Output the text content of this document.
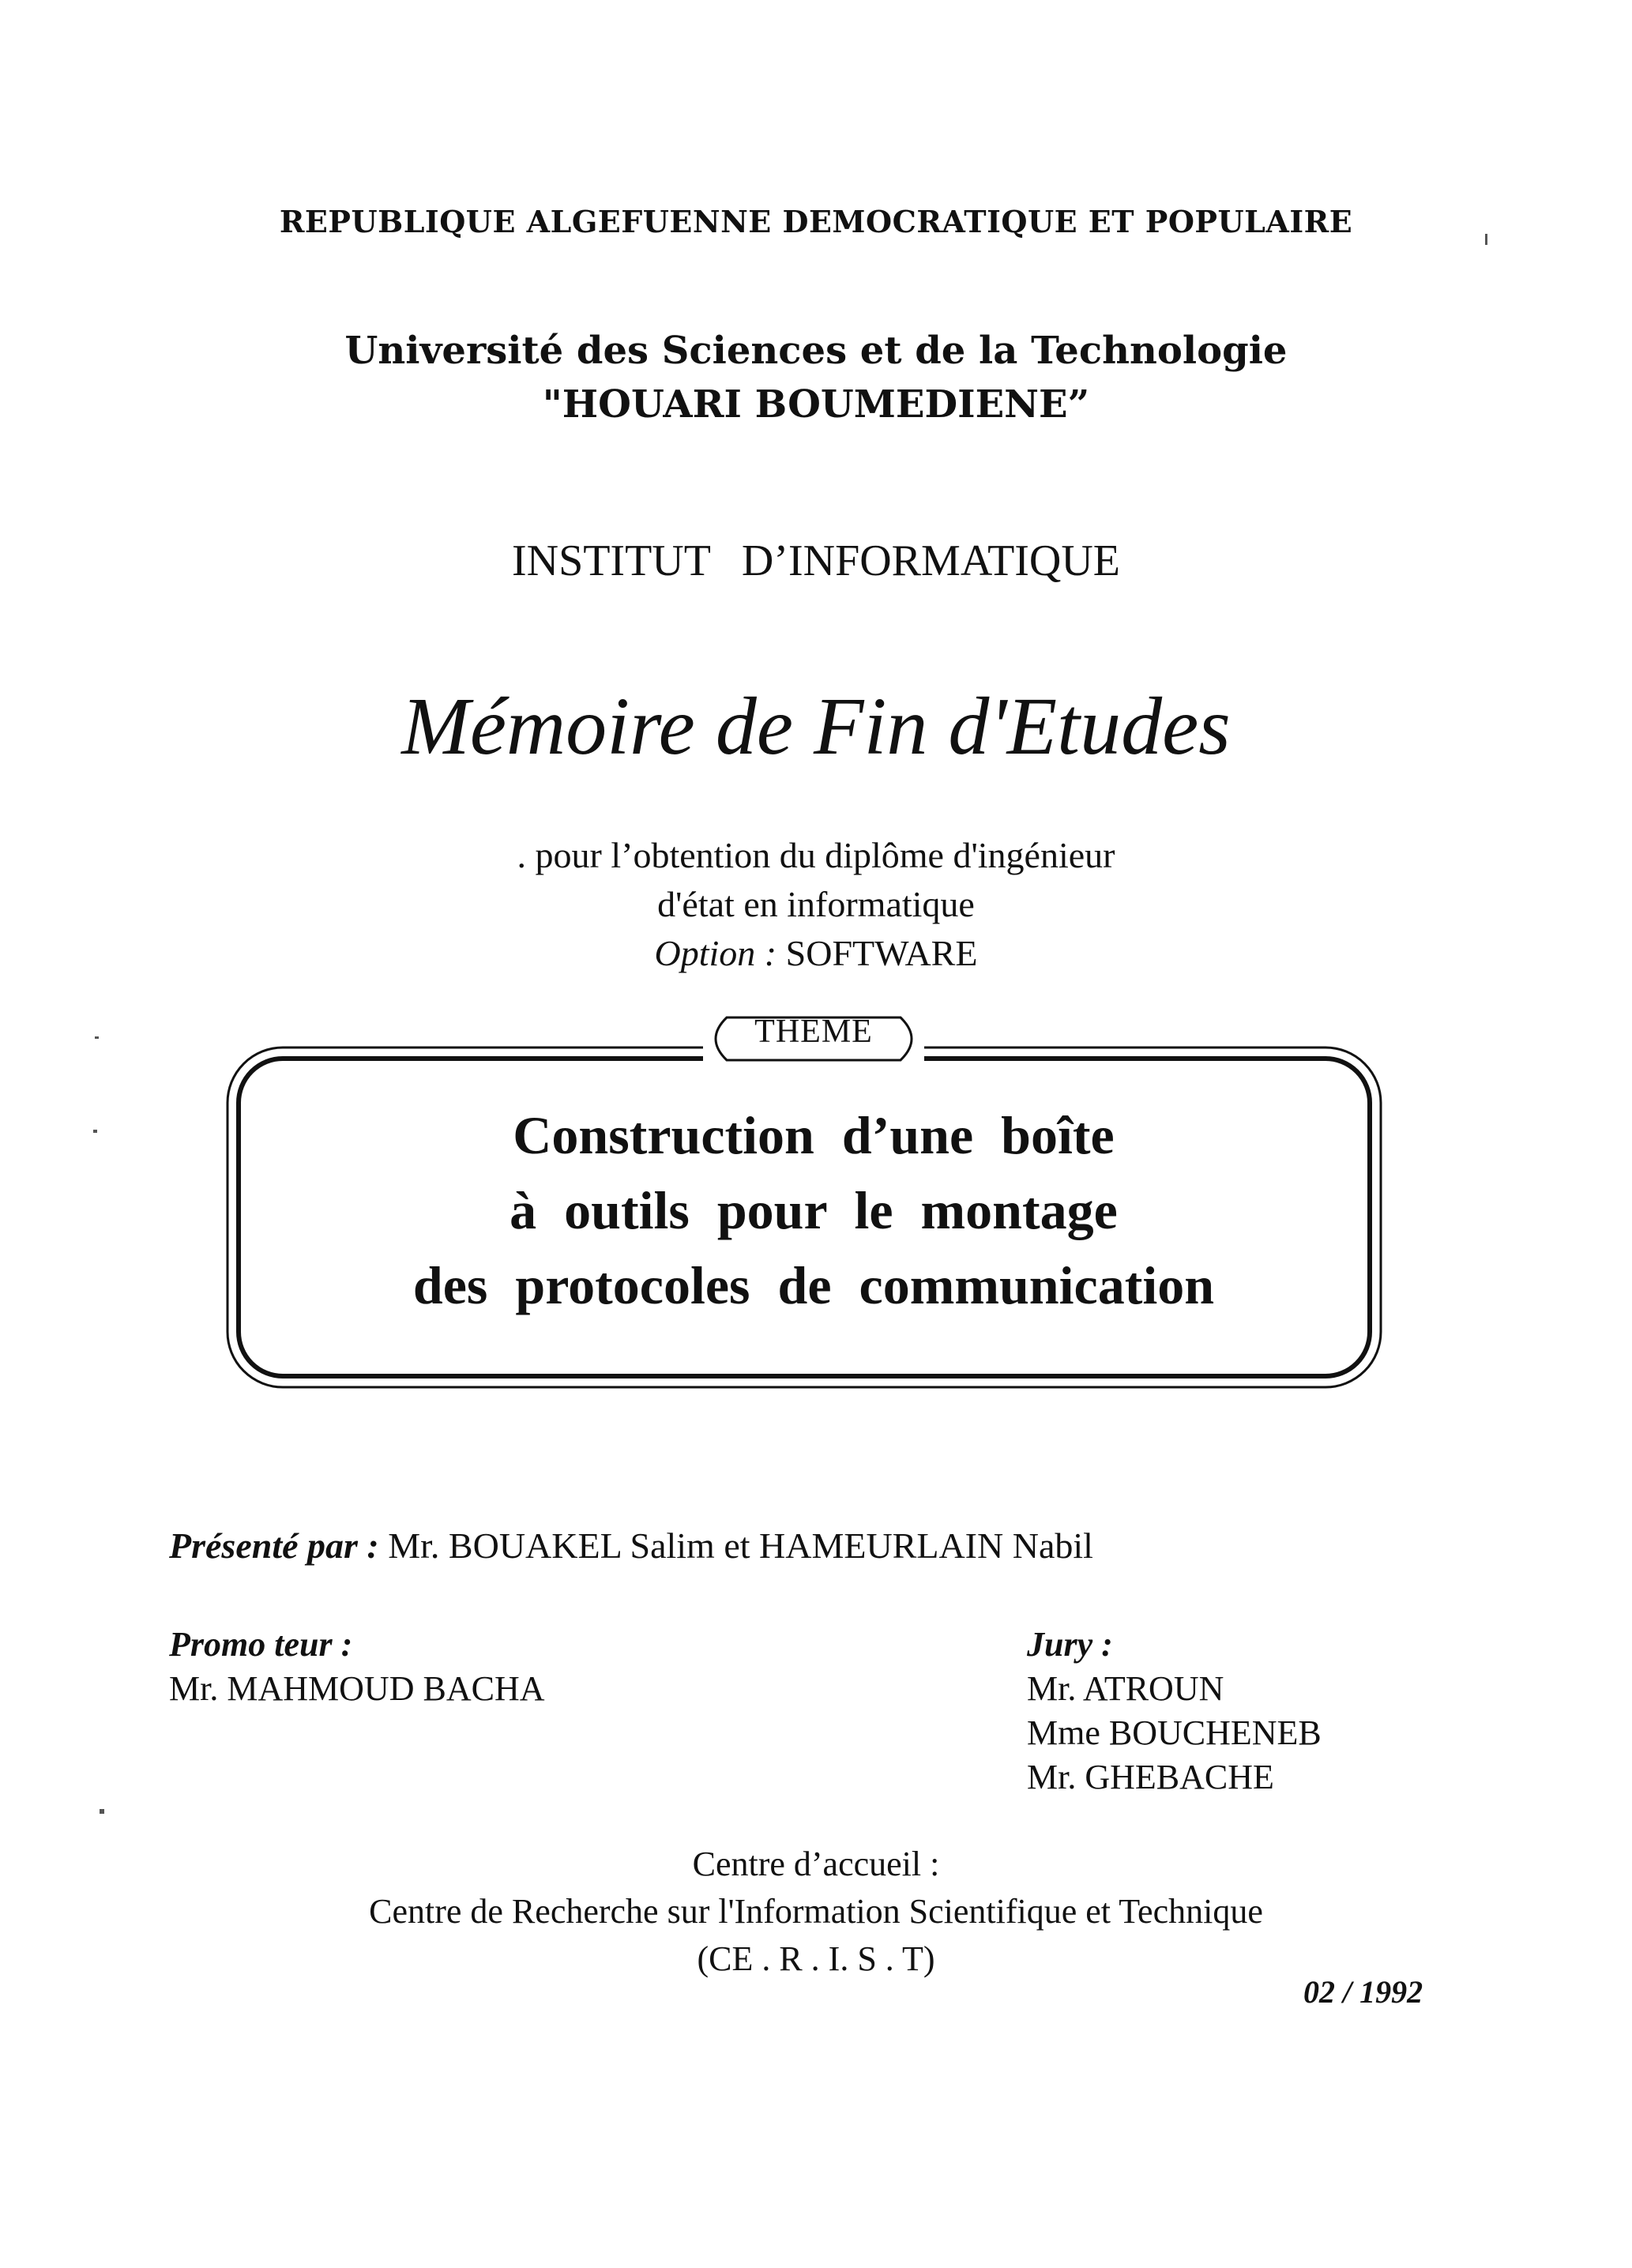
REPUBLIQUE ALGEFUENNE DEMOCRATIQUE ET POPULAIRE
Université des Sciences et de la Technologie
"HOUARI BOUMEDIENE”
INSTITUT D’INFORMATIQUE
Mémoire de Fin d'Etudes
. pour l’obtention du diplôme d'ingénieur
d'état en informatique
Option : SOFTWARE
THEME
Construction d’une boîte
à outils pour le montage
des protocoles de communication
Présenté par : Mr. BOUAKEL Salim et HAMEURLAIN Nabil
Promo teur :
Mr. MAHMOUD BACHA
Jury :
Mr. ATROUN
Mme BOUCHENEB
Mr. GHEBACHE
Centre d’accueil :
Centre de Recherche sur l'Information Scientifique et Technique
(CE . R . I. S . T)
02 / 1992
